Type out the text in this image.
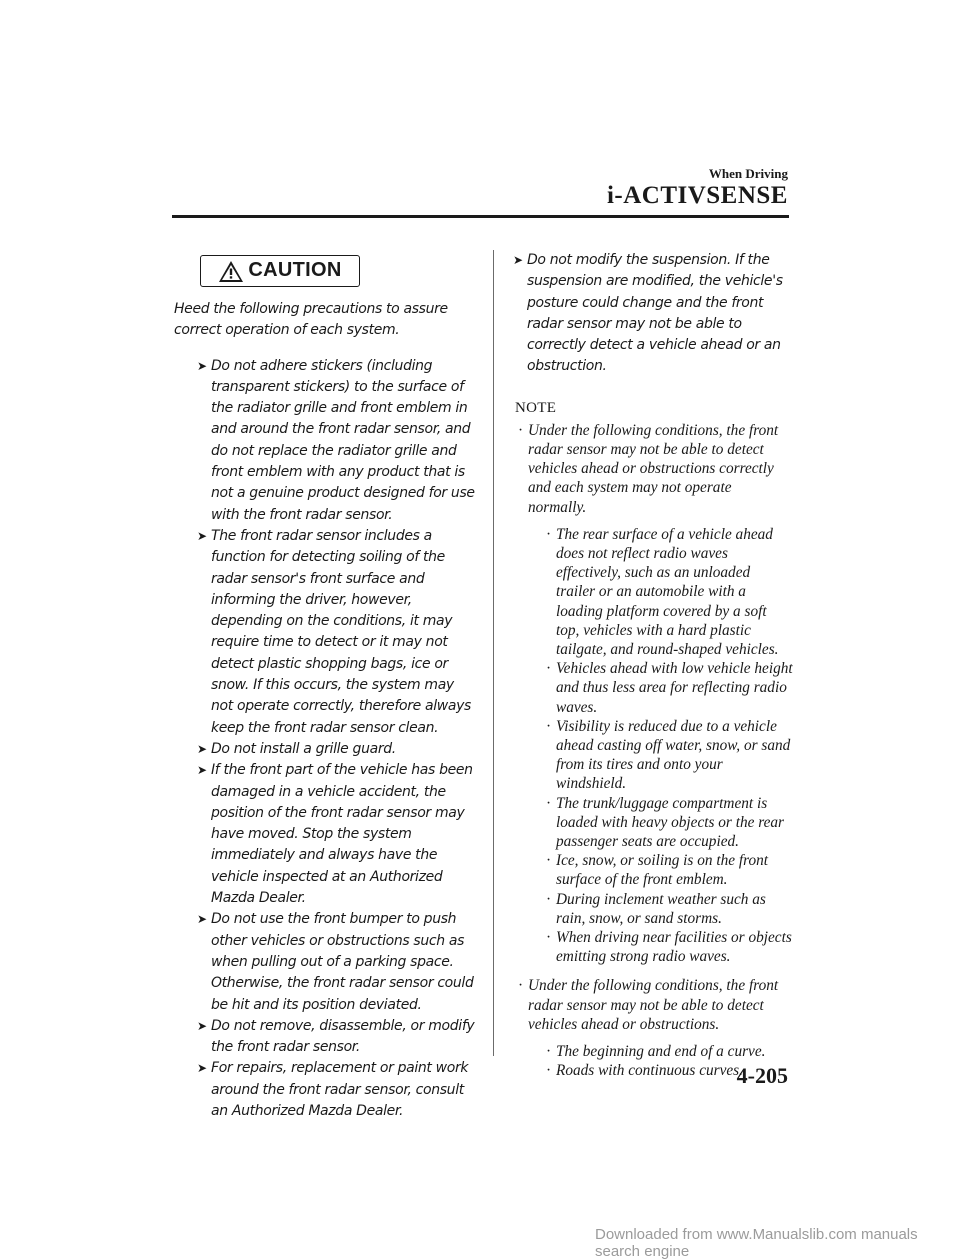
When Driving
i-ACTIVSENSE
CAUTION
Heed the following precautions to assure correct operation of each system.
➤ Do not adhere stickers (including transparent stickers) to the surface of the radiator grille and front emblem in and around the front radar sensor, and do not replace the radiator grille and front emblem with any product that is not a genuine product designed for use with the front radar sensor.
➤ The front radar sensor includes a function for detecting soiling of the radar sensor's front surface and informing the driver, however, depending on the conditions, it may require time to detect or it may not detect plastic shopping bags, ice or snow. If this occurs, the system may not operate correctly, therefore always keep the front radar sensor clean.
➤ Do not install a grille guard.
➤ If the front part of the vehicle has been damaged in a vehicle accident, the position of the front radar sensor may have moved. Stop the system immediately and always have the vehicle inspected at an Authorized Mazda Dealer.
➤ Do not use the front bumper to push other vehicles or obstructions such as when pulling out of a parking space. Otherwise, the front radar sensor could be hit and its position deviated.
➤ Do not remove, disassemble, or modify the front radar sensor.
➤ For repairs, replacement or paint work around the front radar sensor, consult an Authorized Mazda Dealer.
➤ Do not modify the suspension. If the suspension are modified, the vehicle's posture could change and the front radar sensor may not be able to correctly detect a vehicle ahead or an obstruction.
NOTE
· Under the following conditions, the front radar sensor may not be able to detect vehicles ahead or obstructions correctly and each system may not operate normally.
· The rear surface of a vehicle ahead does not reflect radio waves effectively, such as an unloaded trailer or an automobile with a loading platform covered by a soft top, vehicles with a hard plastic tailgate, and round-shaped vehicles.
· Vehicles ahead with low vehicle height and thus less area for reflecting radio waves.
· Visibility is reduced due to a vehicle ahead casting off water, snow, or sand from its tires and onto your windshield.
· The trunk/luggage compartment is loaded with heavy objects or the rear passenger seats are occupied.
· Ice, snow, or soiling is on the front surface of the front emblem.
· During inclement weather such as rain, snow, or sand storms.
· When driving near facilities or objects emitting strong radio waves.
· Under the following conditions, the front radar sensor may not be able to detect vehicles ahead or obstructions.
· The beginning and end of a curve.
· Roads with continuous curves.
4-205
Downloaded from www.Manualslib.com manuals search engine
